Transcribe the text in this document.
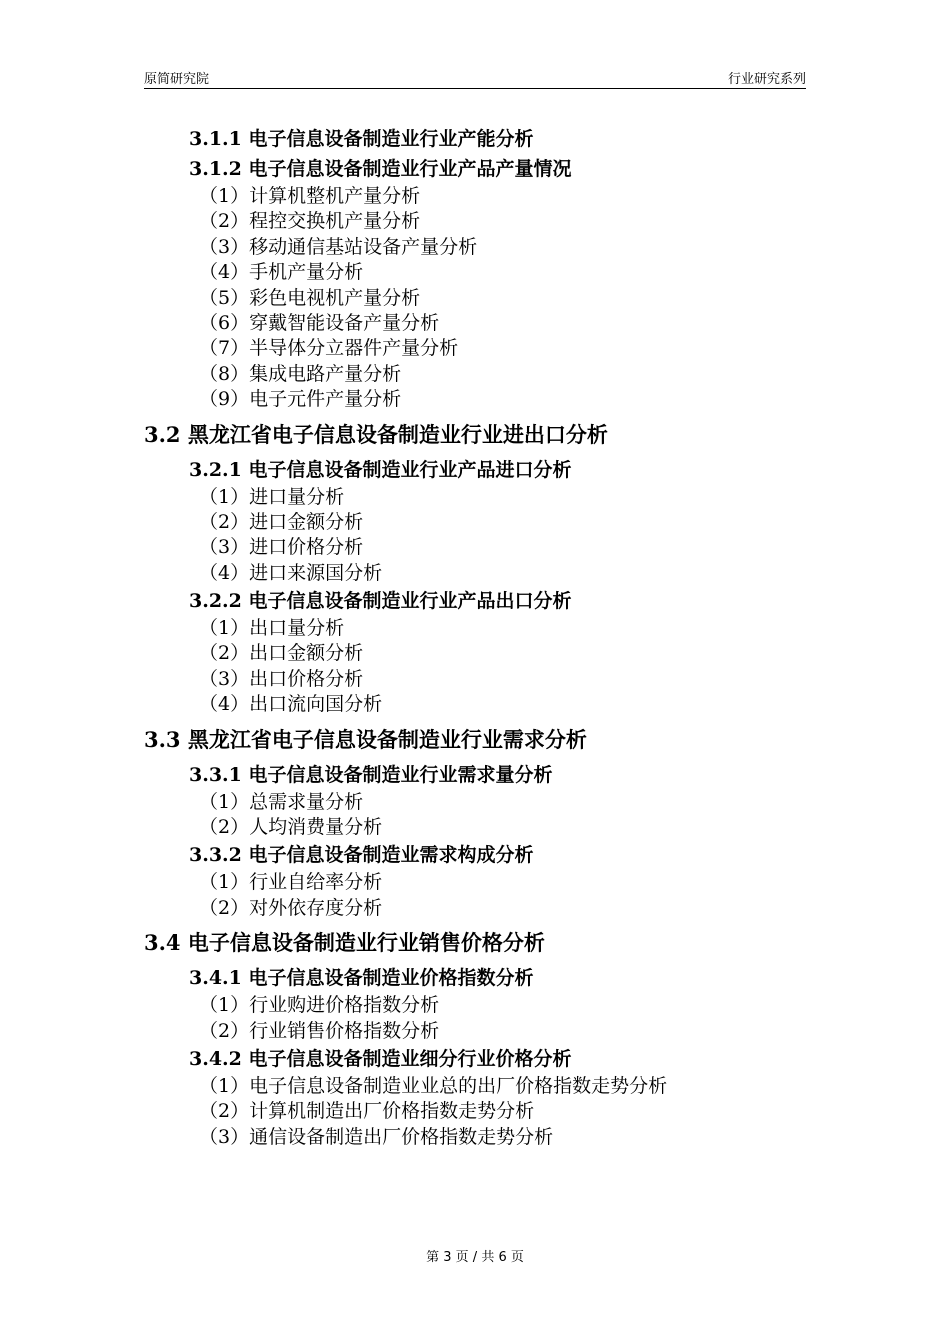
原简研究院	行业研究系列
3.1.1 电子信息设备制造业行业产能分析
3.1.2 电子信息设备制造业行业产品产量情况
（1）计算机整机产量分析
（2）程控交换机产量分析
（3）移动通信基站设备产量分析
（4）手机产量分析
（5）彩色电视机产量分析
（6）穿戴智能设备产量分析
（7）半导体分立器件产量分析
（8）集成电路产量分析
（9）电子元件产量分析
3.2 黑龙江省电子信息设备制造业行业进出口分析
3.2.1 电子信息设备制造业行业产品进口分析
（1）进口量分析
（2）进口金额分析
（3）进口价格分析
（4）进口来源国分析
3.2.2 电子信息设备制造业行业产品出口分析
（1）出口量分析
（2）出口金额分析
（3）出口价格分析
（4）出口流向国分析
3.3 黑龙江省电子信息设备制造业行业需求分析
3.3.1 电子信息设备制造业行业需求量分析
（1）总需求量分析
（2）人均消费量分析
3.3.2 电子信息设备制造业需求构成分析
（1）行业自给率分析
（2）对外依存度分析
3.4 电子信息设备制造业行业销售价格分析
3.4.1 电子信息设备制造业价格指数分析
（1）行业购进价格指数分析
（2）行业销售价格指数分析
3.4.2 电子信息设备制造业细分行业价格分析
（1）电子信息设备制造业业总的出厂价格指数走势分析
（2）计算机制造出厂价格指数走势分析
（3）通信设备制造出厂价格指数走势分析
第 3 页 / 共 6 页
